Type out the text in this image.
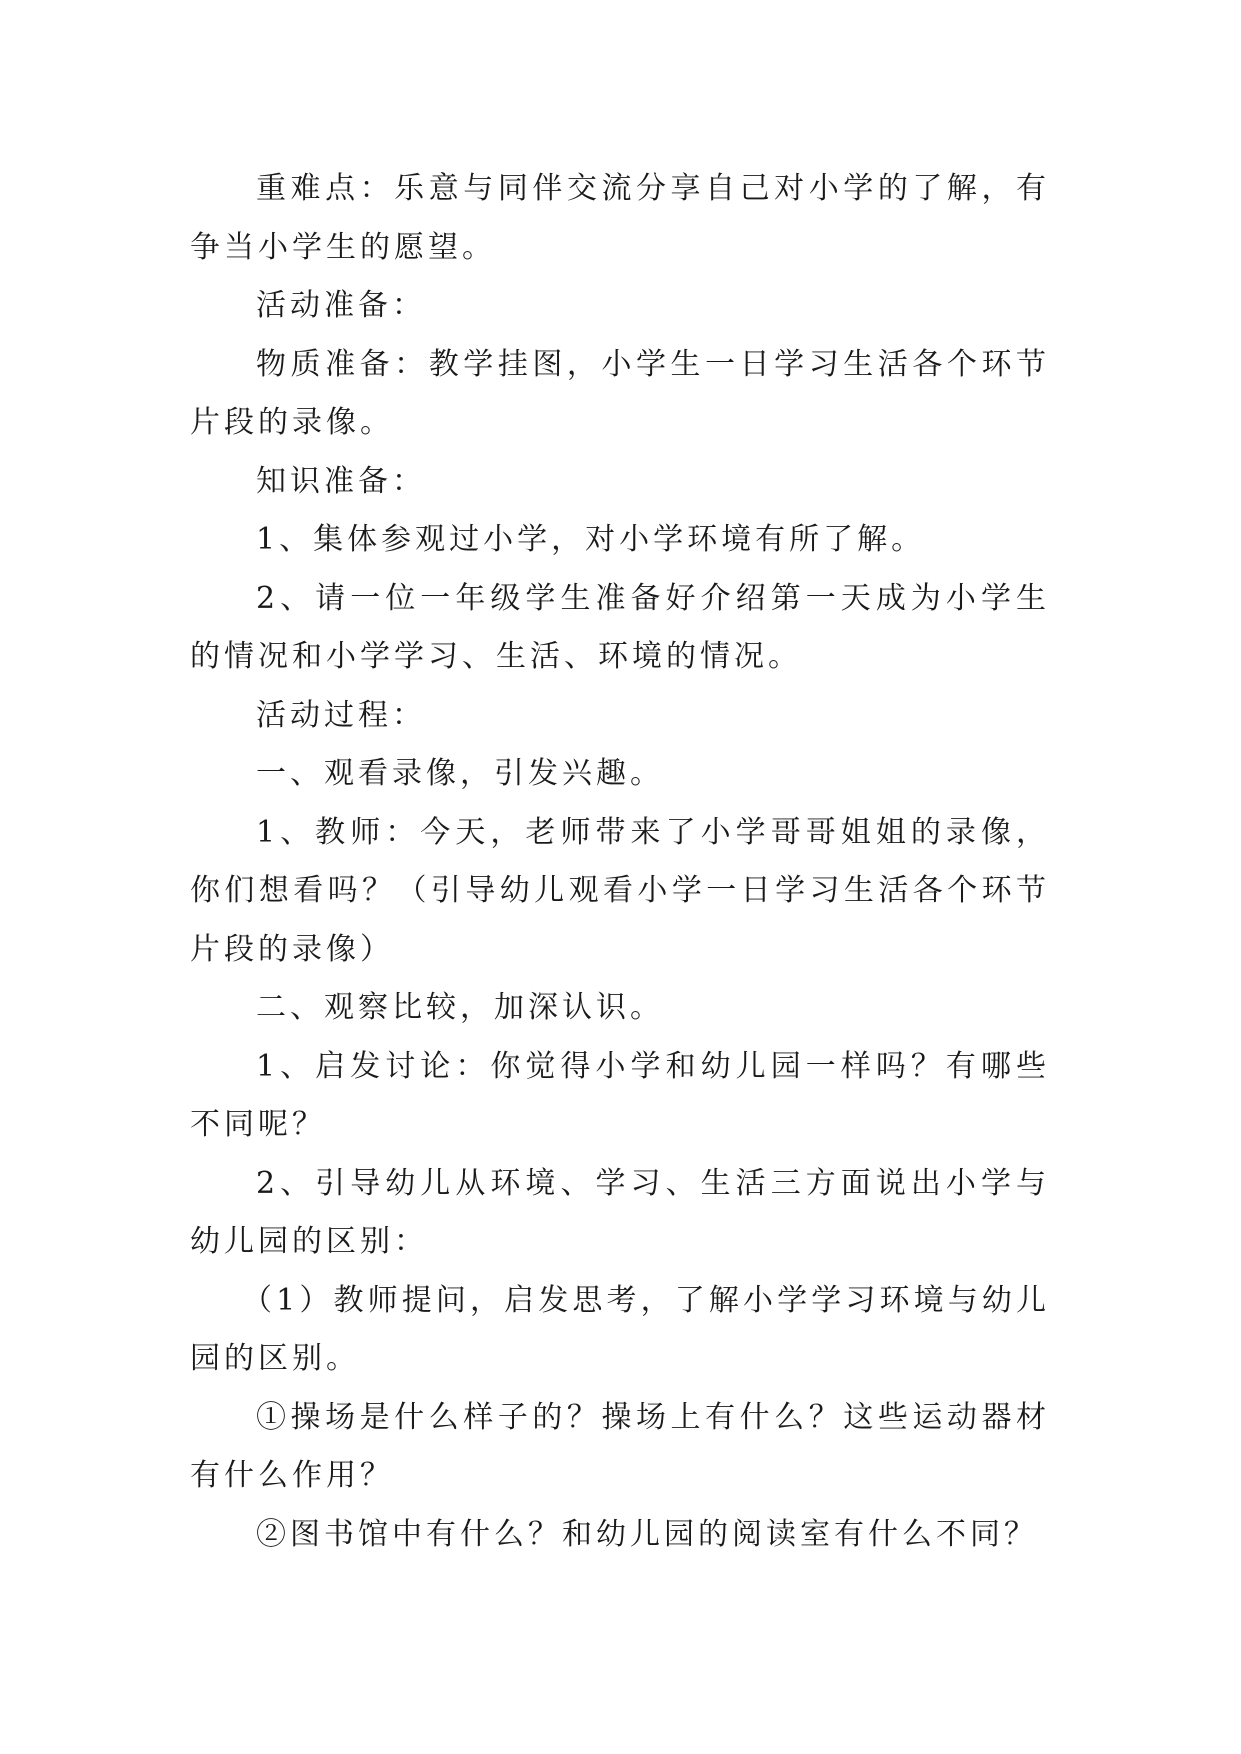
重难点：乐意与同伴交流分享自己对小学的了解，有争当小学生的愿望。

活动准备：

物质准备：教学挂图，小学生一日学习生活各个环节片段的录像。

知识准备：

1、集体参观过小学，对小学环境有所了解。

2、请一位一年级学生准备好介绍第一天成为小学生的情况和小学学习、生活、环境的情况。

活动过程：

一、观看录像，引发兴趣。

1、教师：今天，老师带来了小学哥哥姐姐的录像，你们想看吗？（引导幼儿观看小学一日学习生活各个环节片段的录像）

二、观察比较，加深认识。

1、启发讨论：你觉得小学和幼儿园一样吗？有哪些不同呢？

2、引导幼儿从环境、学习、生活三方面说出小学与幼儿园的区别：

（1）教师提问，启发思考，了解小学学习环境与幼儿园的区别。

①操场是什么样子的？操场上有什么？这些运动器材有什么作用？

②图书馆中有什么？和幼儿园的阅读室有什么不同？
